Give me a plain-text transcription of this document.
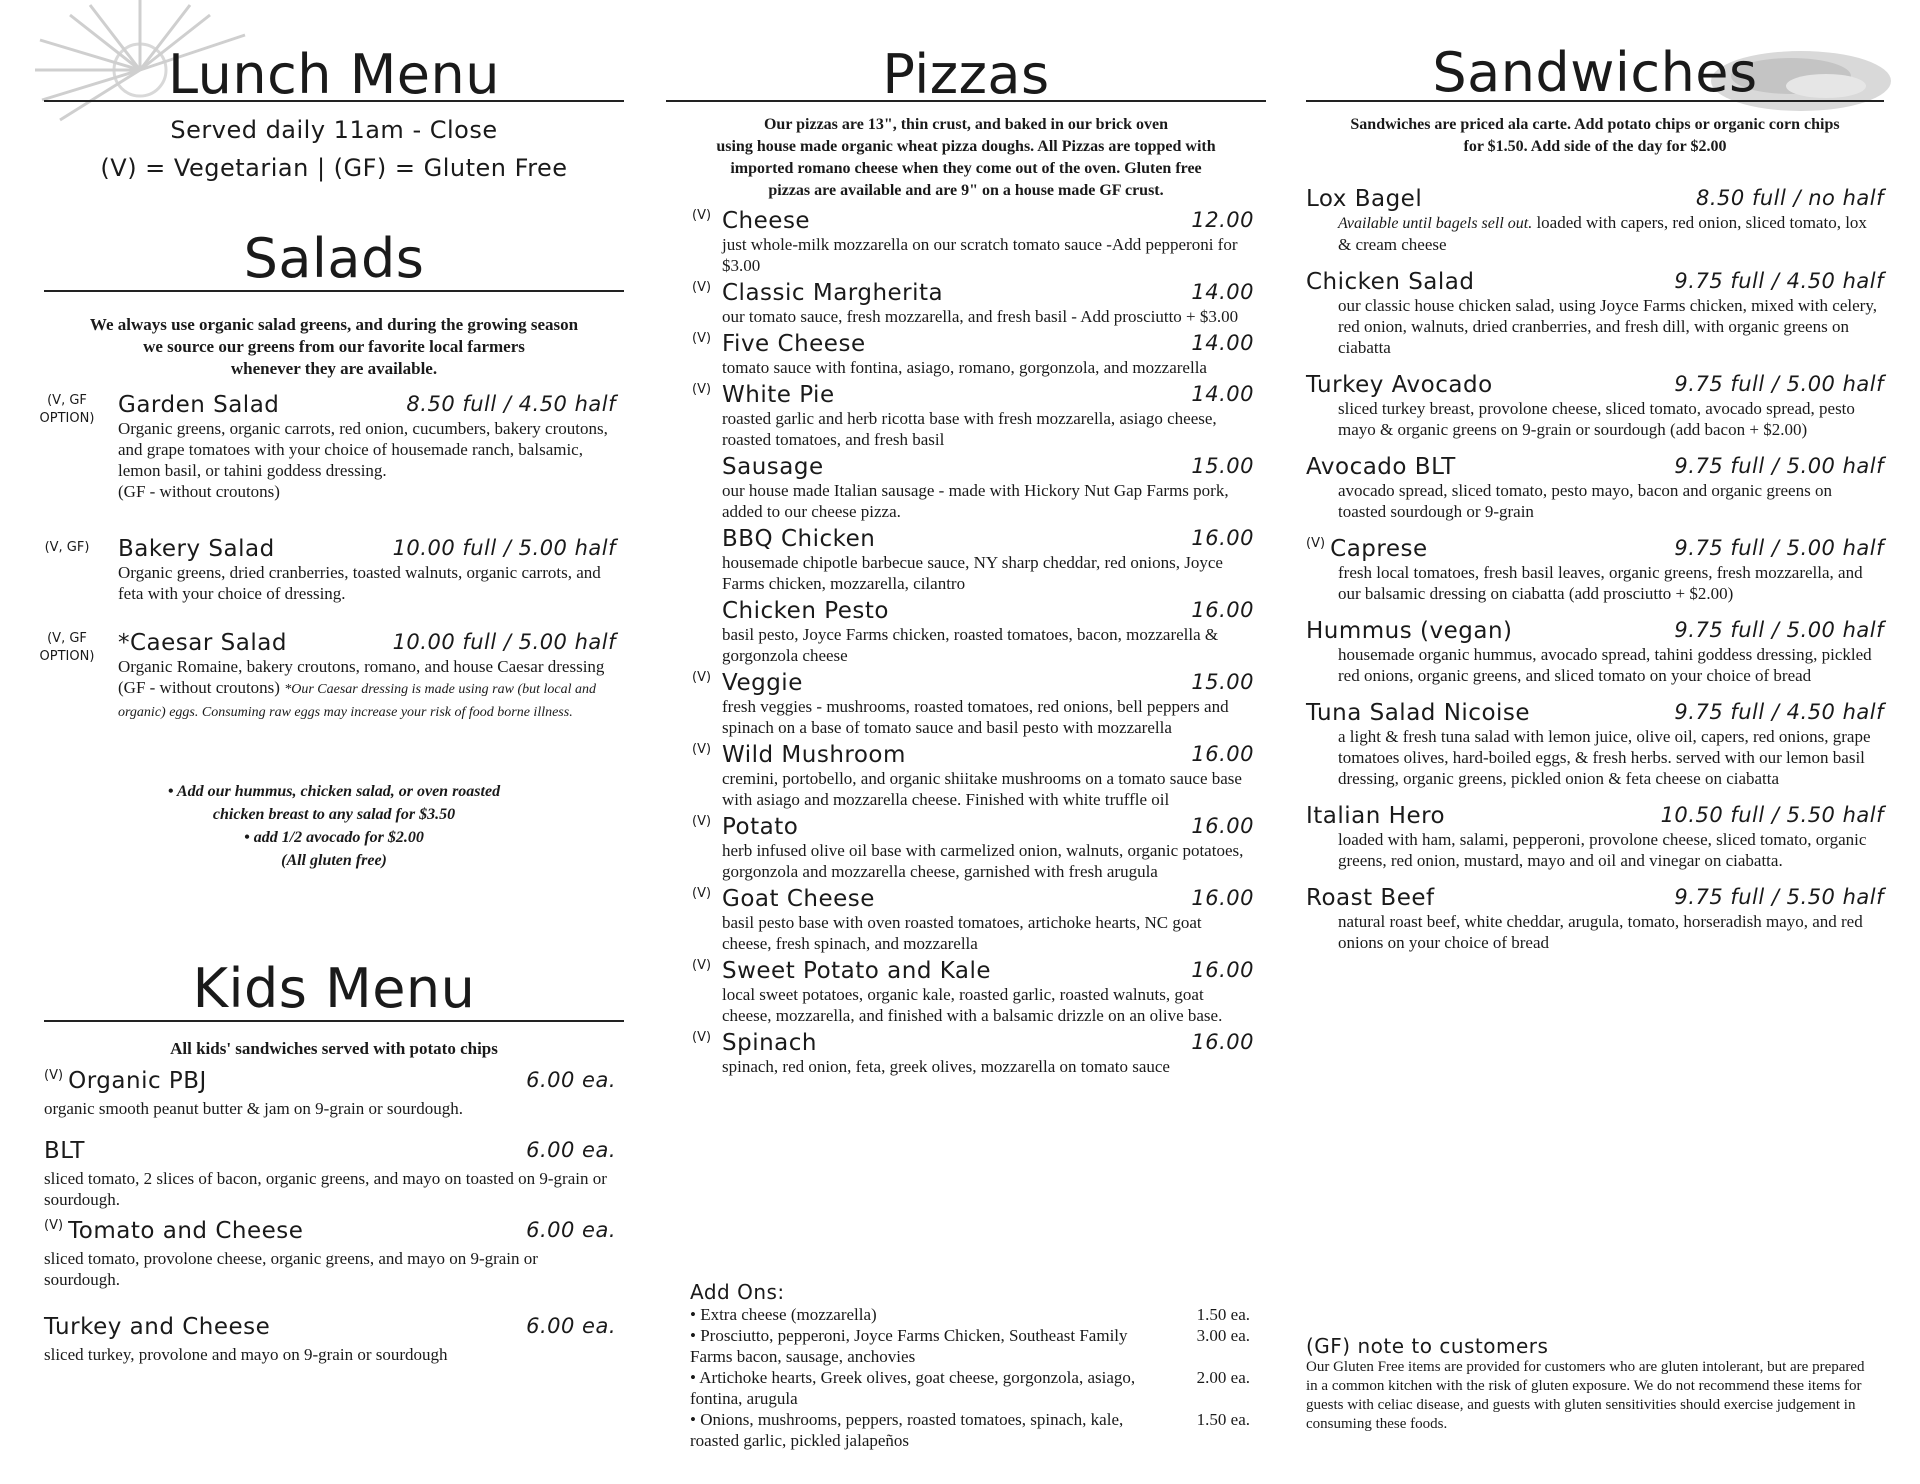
Lunch Menu
Served daily 11am - Close
(V) = Vegetarian | (GF) = Gluten Free
Salads
We always use organic salad greens, and during the growing season
we source our greens from our favorite local farmers
whenever they are available.
(V, GF OPTION)
Garden Salad	8.50 full / 4.50 half
Organic greens, organic carrots, red onion, cucumbers, bakery croutons, and grape tomatoes with your choice of housemade ranch, balsamic, lemon basil, or tahini goddess dressing.
(GF - without croutons)
(V, GF)	Bakery Salad	10.00 full / 5.00 half
Organic greens, dried cranberries, toasted walnuts, organic carrots, and feta with your choice of dressing.
(V, GF OPTION)
*Caesar Salad	10.00 full / 5.00 half
Organic Romaine, bakery croutons, romano, and house Caesar dressing (GF - without croutons) *Our Caesar dressing is made using raw (but local and organic) eggs. Consuming raw eggs may increase your risk of food borne illness.
• Add our hummus, chicken salad, or oven roasted
chicken breast to any salad for $3.50
• add 1/2 avocado for $2.00
(All gluten free)
Kids Menu
All kids' sandwiches served with potato chips
$^{(V)}$ Organic PBJ	6.00 ea.
organic smooth peanut butter & jam on 9-grain or sourdough.
BLT	6.00 ea.
sliced tomato, 2 slices of bacon, organic greens, and mayo on toasted on 9-grain or sourdough.
$^{(V)}$ Tomato and Cheese	6.00 ea.
sliced tomato, provolone cheese, organic greens, and mayo on 9-grain or sourdough.
Turkey and Cheese	6.00 ea.
sliced turkey, provolone and mayo on 9-grain or sourdough
Pizzas
Our pizzas are 13", thin crust, and baked in our brick oven
using house made organic wheat pizza doughs. All Pizzas are topped with
imported romano cheese when they come out of the oven. Gluten free
pizzas are available and are 9" on a house made GF crust.
(V) Cheese	12.00
just whole-milk mozzarella on our scratch tomato sauce -Add pepperoni for $3.00
(V) Classic Margherita	14.00
our tomato sauce, fresh mozzarella, and fresh basil - Add prosciutto + $3.00
(V) Five Cheese	14.00
tomato sauce with fontina, asiago, romano, gorgonzola, and mozzarella
(V) White Pie	14.00
roasted garlic and herb ricotta base with fresh mozzarella, asiago cheese, roasted tomatoes, and fresh basil
Sausage	15.00
our house made Italian sausage - made with Hickory Nut Gap Farms pork, added to our cheese pizza.
BBQ Chicken	16.00
housemade chipotle barbecue sauce, NY sharp cheddar, red onions, Joyce Farms chicken, mozzarella, cilantro
Chicken Pesto	16.00
basil pesto, Joyce Farms chicken, roasted tomatoes, bacon, mozzarella & gorgonzola cheese
(V) Veggie	15.00
fresh veggies - mushrooms, roasted tomatoes, red onions, bell peppers and spinach on a base of tomato sauce and basil pesto with mozzarella
(V) Wild Mushroom	16.00
cremini, portobello, and organic shiitake mushrooms on a tomato sauce base with asiago and mozzarella cheese. Finished with white truffle oil
(V) Potato	16.00
herb infused olive oil base with carmelized onion, walnuts, organic potatoes, gorgonzola and mozzarella cheese, garnished with fresh arugula
(V) Goat Cheese	16.00
basil pesto base with oven roasted tomatoes, artichoke hearts, NC goat cheese, fresh spinach, and mozzarella
(V) Sweet Potato and Kale	16.00
local sweet potatoes, organic kale, roasted garlic, roasted walnuts, goat cheese, mozzarella, and finished with a balsamic drizzle on an olive base.
(V) Spinach	16.00
spinach, red onion, feta, greek olives, mozzarella on tomato sauce
Add Ons:
• Extra cheese (mozzarella)	1.50 ea.
• Prosciutto, pepperoni, Joyce Farms Chicken, Southeast Family Farms bacon, sausage, anchovies
3.00 ea.
• Artichoke hearts, Greek olives, goat cheese, gorgonzola, asiago, fontina, arugula
2.00 ea.
• Onions, mushrooms, peppers, roasted tomatoes, spinach, kale, roasted garlic, pickled jalapeños
1.50 ea.
Sandwiches
Sandwiches are priced ala carte. Add potato chips or organic corn chips
for $1.50. Add side of the day for $2.00
Lox Bagel	8.50 full / no half
Available until bagels sell out. loaded with capers, red onion, sliced tomato, lox & cream cheese
Chicken Salad	9.75 full / 4.50 half
our classic house chicken salad, using Joyce Farms chicken, mixed with celery, red onion, walnuts, dried cranberries, and fresh dill, with organic greens on ciabatta
Turkey Avocado	9.75 full / 5.00 half
sliced turkey breast, provolone cheese, sliced tomato, avocado spread, pesto mayo & organic greens on 9-grain or sourdough (add bacon + $2.00)
Avocado BLT	9.75 full / 5.00 half
avocado spread, sliced tomato, pesto mayo, bacon and organic greens on toasted sourdough or 9-grain
$^{(V)}$ Caprese	9.75 full / 5.00 half
fresh local tomatoes, fresh basil leaves, organic greens, fresh mozzarella, and our balsamic dressing on ciabatta (add prosciutto + $2.00)
Hummus (vegan)	9.75 full / 5.00 half
housemade organic hummus, avocado spread, tahini goddess dressing, pickled red onions, organic greens, and sliced tomato on your choice of bread
Tuna Salad Nicoise	9.75 full / 4.50 half
a light & fresh tuna salad with lemon juice, olive oil, capers, red onions, grape tomatoes olives, hard-boiled eggs, & fresh herbs. served with our lemon basil dressing, organic greens, pickled onion & feta cheese on ciabatta
Italian Hero	10.50 full / 5.50 half
loaded with ham, salami, pepperoni, provolone cheese, sliced tomato, organic greens, red onion, mustard, mayo and oil and vinegar on ciabatta.
Roast Beef	9.75 full / 5.50 half
natural roast beef, white cheddar, arugula, tomato, horseradish mayo, and red onions on your choice of bread
(GF) note to customers
Our Gluten Free items are provided for customers who are gluten intolerant, but are prepared in a common kitchen with the risk of gluten exposure. We do not recommend these items for guests with celiac disease, and guests with gluten sensitivities should exercise judgement in consuming these foods.
